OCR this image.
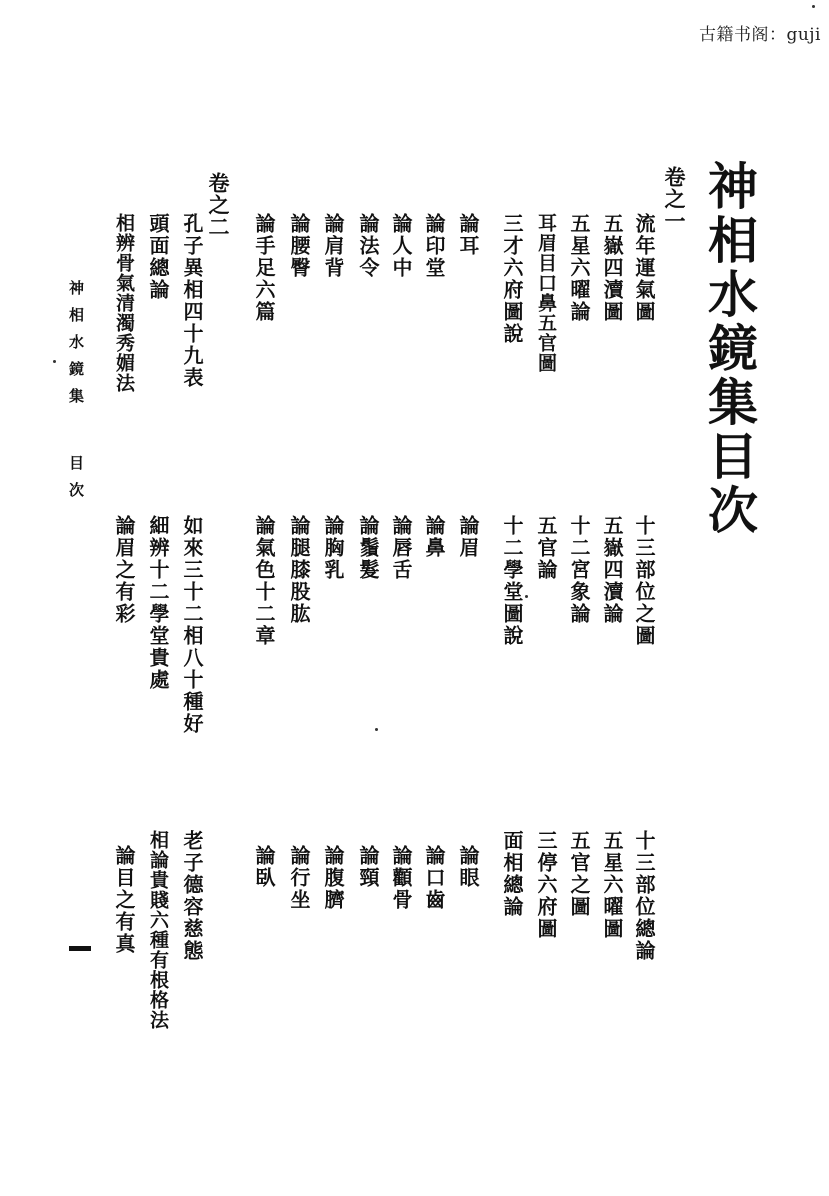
古籍书阁：guji
神相水鏡集目次
卷之一
流年運氣圖
十三部位之圖
十三部位總論
五嶽四瀆圖
五嶽四瀆論
五星六曜圖
五星六曜論
十二宮象論
五官之圖
耳眉目口鼻五官圖
五官論
三停六府圖
三才六府圖說
十二學堂圖說
面相總論
論耳
論眉
論眼
論印堂
論鼻
論口齒
論人中
論唇舌
論顴骨
論法令
論鬚髮
論頸
論肩背
論胸乳
論腹臍
論腰臀
論腿膝股肱
論行坐
論手足六篇
論氣色十二章
論臥
卷之二
孔子異相四十九表
如來三十二相八十種好
老子德容慈態
頭面總論
細辨十二學堂貴處
相論貴賤六種有根格法
相辨骨氣清濁秀媚法
論眉之有彩
論目之有真
神相水鏡集目次
